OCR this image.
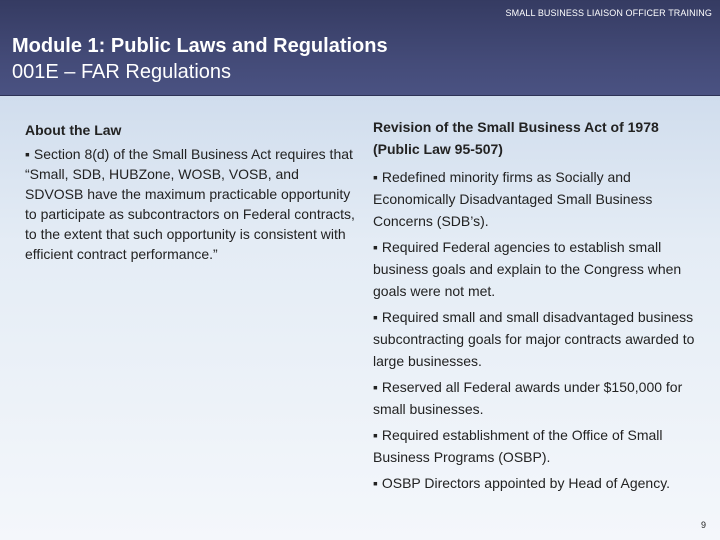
SMALL BUSINESS LIAISON OFFICER TRAINING
Module 1: Public Laws and Regulations
001E – FAR Regulations
About the Law
▪ Section 8(d) of the Small Business Act requires that “Small, SDB, HUBZone, WOSB, VOSB, and SDVOSB have the maximum practicable opportunity to participate as subcontractors on Federal contracts, to the extent that such opportunity is consistent with efficient contract performance.”
Revision of the Small Business Act of 1978 (Public Law 95-507)
▪ Redefined minority firms as Socially and Economically Disadvantaged Small Business Concerns (SDB’s).
▪ Required Federal agencies to establish small business goals and explain to the Congress when goals were not met.
▪ Required small and small disadvantaged business subcontracting goals for major contracts awarded to large businesses.
▪ Reserved all Federal awards under $150,000 for small businesses.
▪ Required establishment of the Office of Small Business Programs (OSBP).
▪ OSBP Directors appointed by Head of Agency.
9
